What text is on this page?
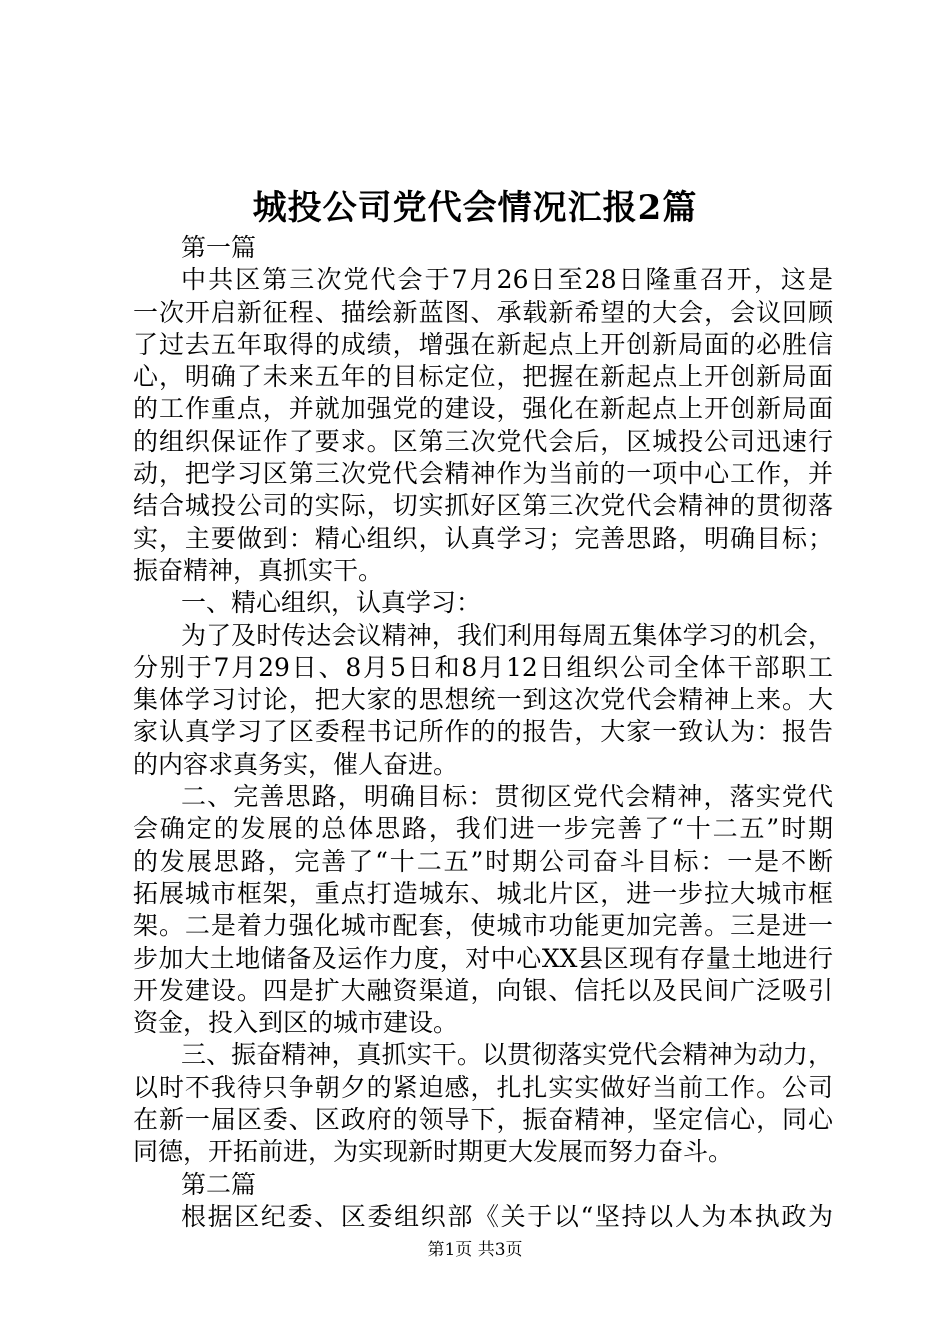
城投公司党代会情况汇报2篇
第一篇
中共区第三次党代会于7月26日至28日隆重召开，这是
一次开启新征程、描绘新蓝图、承载新希望的大会，会议回顾
了过去五年取得的成绩，增强在新起点上开创新局面的必胜信
心，明确了未来五年的目标定位，把握在新起点上开创新局面
的工作重点，并就加强党的建设，强化在新起点上开创新局面
的组织保证作了要求。区第三次党代会后，区城投公司迅速行
动，把学习区第三次党代会精神作为当前的一项中心工作，并
结合城投公司的实际，切实抓好区第三次党代会精神的贯彻落
实，主要做到：精心组织，认真学习；完善思路，明确目标；
振奋精神，真抓实干。
一、精心组织，认真学习：
为了及时传达会议精神，我们利用每周五集体学习的机会，
分别于7月29日、8月5日和8月12日组织公司全体干部职工
集体学习讨论，把大家的思想统一到这次党代会精神上来。大
家认真学习了区委程书记所作的的报告，大家一致认为：报告
的内容求真务实，催人奋进。
二、完善思路，明确目标：贯彻区党代会精神，落实党代
会确定的发展的总体思路，我们进一步完善了“十二五”时期
的发展思路，完善了“十二五”时期公司奋斗目标：一是不断
拓展城市框架，重点打造城东、城北片区，进一步拉大城市框
架。二是着力强化城市配套，使城市功能更加完善。三是进一
步加大土地储备及运作力度，对中心XX县区现有存量土地进行
开发建设。四是扩大融资渠道，向银、信托以及民间广泛吸引
资金，投入到区的城市建设。
三、振奋精神，真抓实干。以贯彻落实党代会精神为动力，
以时不我待只争朝夕的紧迫感，扎扎实实做好当前工作。公司
在新一届区委、区政府的领导下，振奋精神，坚定信心，同心
同德，开拓前进，为实现新时期更大发展而努力奋斗。
第二篇
根据区纪委、区委组织部《关于以“坚持以人为本执政为
第1页 共3页
